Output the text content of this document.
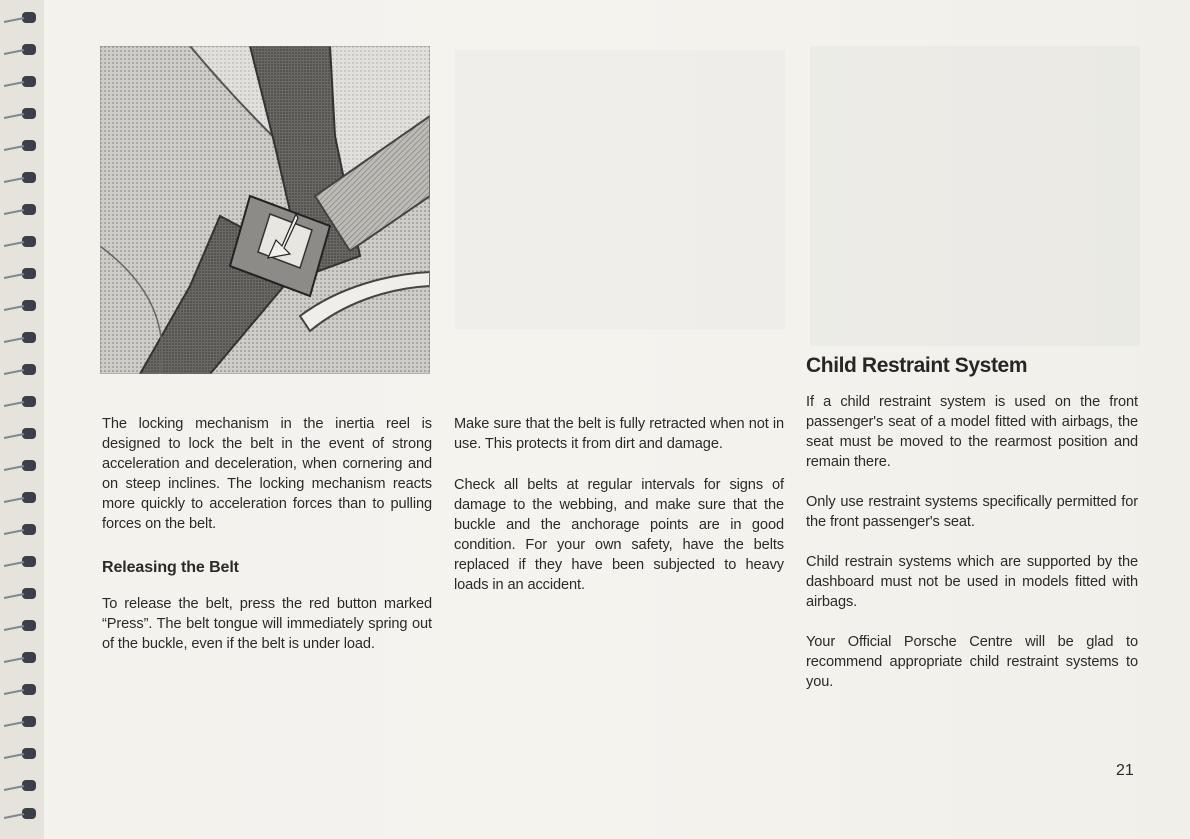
The locking mechanism in the inertia reel is designed to lock the belt in the event of strong acceleration and deceleration, when cornering and on steep inclines. The locking mechanism reacts more quickly to acceleration forces than to pulling forces on the belt.

Releasing the Belt

To release the belt, press the red button marked “Press”. The belt tongue will immediately spring out of the buckle, even if the belt is under load.

Make sure that the belt is fully retracted when not in use. This protects it from dirt and damage.

Check all belts at regular intervals for signs of damage to the webbing, and make sure that the buckle and the anchorage points are in good condition. For your own safety, have the belts replaced if they have been subjected to heavy loads in an accident.

Child Restraint System

If a child restraint system is used on the front passenger's seat of a model fitted with airbags, the seat must be moved to the rearmost position and remain there.

Only use restraint systems specifically permitted for the front passenger's seat.

Child restrain systems which are supported by the dashboard must not be used in models fitted with airbags.

Your Official Porsche Centre will be glad to recommend appropriate child restraint systems to you.

21
